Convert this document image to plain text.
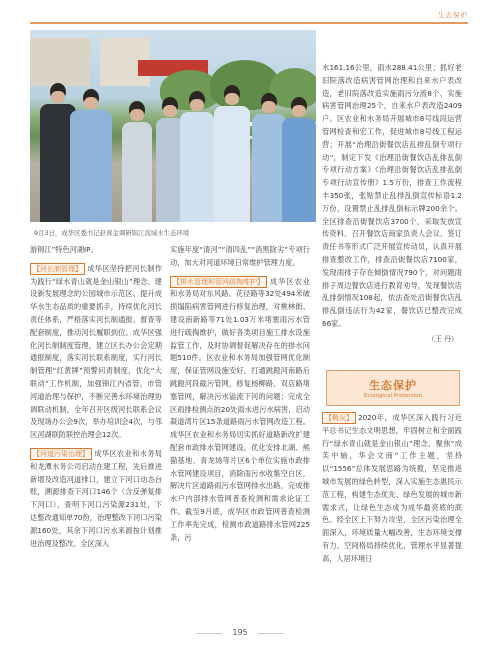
生态保护
9月3日，成华区委书记赵蓉金调研锦江流域水生态环境

游锦江”特色河湖IP。

【河长制管理】 成华区坚持把河长制作为践行“绿水青山就是金山银山”理念、建设新发展理念的公园城市示范区、提升成华水生态品质的重要抓手，持续优化河长责任体系，严格落实河长制通报、督查等配套制度，推动河长履职到位。成华区强化河长制制度管理，建立区长办公会定期通报制度，落实河长联系制度，实行河长制管理“红黄牌”预警问责制度，优化“大联动”工作机制，加强锦江内省管、市管河道治理与保护，不断完善水环境治理协调联动机制，全年召开区级河长联系会议及现场办公会9次，举办培训会4次，与邻区河湖联防联控治理会12次。

【河道污染治理】 成华区农业和水务局和龙潭水务公司启动在建工程，先后推进新增及改造河道排口，建立下河口动态台账，溯源排查下河口146个（含反弹复排下河口），查明下河口污染源231处，下达整改通知单70份，治理整改下河口污染源160处，其余下河口污水来源按计划推进治理及整改。全区深入

实施年度“清河”“清四乱”“消黑除劣”专项行动，加大对河道环境日常维护管理力度。

【排水管理和管网疏掏维护】 成华区农业和水务局对东风路、花径路等32处494米破损塌陷病害管网进行修复治理，对桃林街、建设南新路等71处1.03万米堵塞雨污水管进行疏掏维护，做好各类项目施工排水设施监管工作，及时协调督促解决存在的排水问题510件。区农业和水务局加强管网优化制度，保证管网设施安好，打通跳蹬河南路后跳蹬河段截污管网，修复杨柳路、双店路堵塞管网，解决污水溢流下河的问题；完成全区雨排检测点的20处雨水进污水病害，启动凝道湾片区15条道路雨污水管网改造工程。成华区农业和水务局切实抓好道路新改扩建配套市政排水管网建设，优化安排北湖、熊猫基地、青龙场等片区6个单位实施市政排水管网建设项目，消除雨污水收集空白区，解决片区道路雨污水管网排水出路，完成排水户内部排水管网普查检测和需求论证工作。截至9月底，成华区市政管网普查检测工作率先完成，检测市政道路排水管网225条，污

水161.16公里，雨水288.41公里；抓好老旧院落改造病害管网治理和自来水户表改造，老旧院落改造实施雨污分流8个、实施病害管网治理25个，自来水户表改造2409户。区农业和水务局开展城市8号线段运营管网检查和宏工作，促进城市8号线工程运营；开展“治理沿街餐饮店乱排乱倒专项行动”，制定下发《治理沿街餐饮店乱排乱倒专项行动方案》《治理沿街餐饮店乱排乱倒专项行动宣传册》1.5万份，排查工作流程丰350张，张贴禁止乱排乱倒宣传标语1.2万份，设置禁止乱排乱倒标示牌200余个。全区排查沿街餐饮店3700个，采取发放宣传资料、召开餐饮店商家负责人会议、签订责任书等形式广泛开展宣传动员，认真开展排查整改工作，排查沿街餐饮店7100家，发现雨排子存在倾倒情况790个，对问题雨排子周边餐饮店进行教育劝导，发现餐饮店乱排倒情况108起，依法查处沿街餐饮店乱排乱倒违法行为42家，餐饮店已整改完成66家。

（王 丹）

生态保护
Ecological Protection

【概况】 2020年，成华区深入践行习近平总书记生态文明思想，牢固树立和全面践行“绿水青山就是金山银山”理念，聚焦“成芙中轴，华会文商”工作主题，坚持以“1556”总体发展思路为统揽，坚定推进城市发展的绿色转型，深入实施生态惠民示范工程，构建生态优先、绿色发展的城市新需求式，让绿色生态成为成华最亮底的底色。经全区上下努力攻坚，全区污染治理全面深入，环境质量大幅改善，生态环境支撑有力，空间格局持续优化，管理水平显著提高，人居环境日

195
